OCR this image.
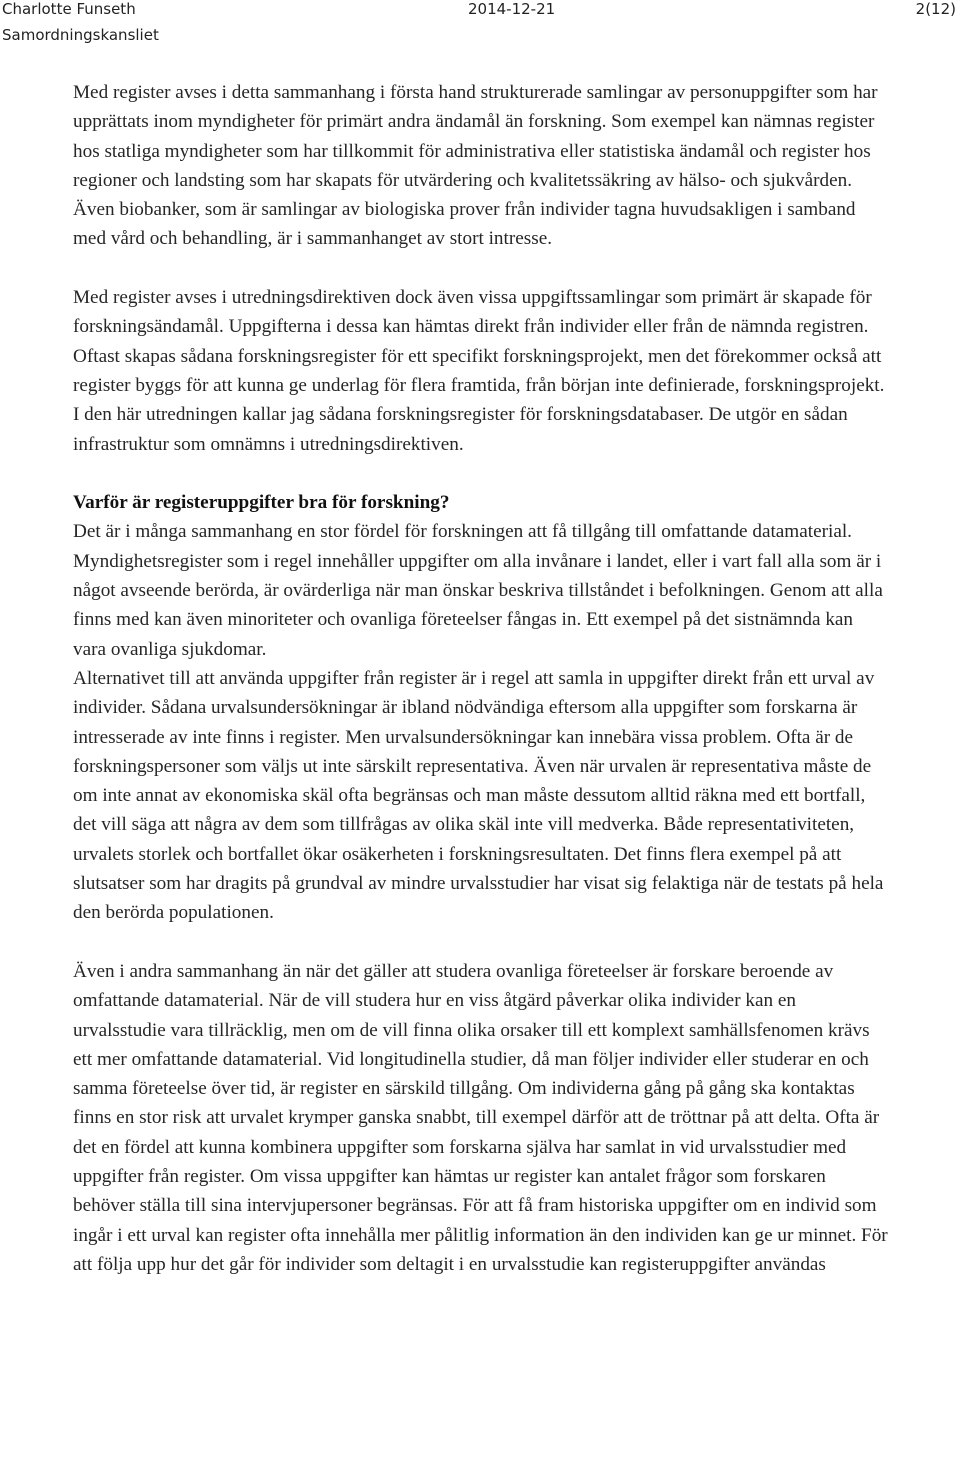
Charlotte Funseth	2014-12-21	2(12)
Samordningskansliet

Med register avses i detta sammanhang i första hand strukturerade samlingar av personuppgifter som har upprättats inom myndigheter för primärt andra ändamål än forskning. Som exempel kan nämnas register hos statliga myndigheter som har tillkommit för administrativa eller statistiska ändamål och register hos regioner och landsting som har skapats för utvärdering och kvalitetssäkring av hälso- och sjukvården. Även biobanker, som är samlingar av biologiska prover från individer tagna huvudsakligen i samband med vård och behandling, är i sammanhanget av stort intresse.

Med register avses i utredningsdirektiven dock även vissa uppgiftssamlingar som primärt är skapade för forskningsändamål. Uppgifterna i dessa kan hämtas direkt från individer eller från de nämnda registren. Oftast skapas sådana forskningsregister för ett specifikt forskningsprojekt, men det förekommer också att register byggs för att kunna ge underlag för flera framtida, från början inte definierade, forskningsprojekt. I den här utredningen kallar jag sådana forskningsregister för forskningsdatabaser. De utgör en sådan infrastruktur som omnämns i utredningsdirektiven.

Varför är registeruppgifter bra för forskning?

Det är i många sammanhang en stor fördel för forskningen att få tillgång till omfattande datamaterial. Myndighetsregister som i regel innehåller uppgifter om alla invånare i landet, eller i vart fall alla som är i något avseende berörda, är ovärderliga när man önskar beskriva tillståndet i befolkningen. Genom att alla finns med kan även minoriteter och ovanliga företeelser fångas in. Ett exempel på det sistnämnda kan vara ovanliga sjukdomar.

Alternativet till att använda uppgifter från register är i regel att samla in uppgifter direkt från ett urval av individer. Sådana urvalsundersökningar är ibland nödvändiga eftersom alla uppgifter som forskarna är intresserade av inte finns i register. Men urvalsundersökningar kan innebära vissa problem. Ofta är de forskningspersoner som väljs ut inte särskilt representativa. Även när urvalen är representativa måste de om inte annat av ekonomiska skäl ofta begränsas och man måste dessutom alltid räkna med ett bortfall, det vill säga att några av dem som tillfrågas av olika skäl inte vill medverka. Både representativiteten, urvalets storlek och bortfallet ökar osäkerheten i forskningsresultaten. Det finns flera exempel på att slutsatser som har dragits på grundval av mindre urvalsstudier har visat sig felaktiga när de testats på hela den berörda populationen.

Även i andra sammanhang än när det gäller att studera ovanliga företeelser är forskare beroende av omfattande datamaterial. När de vill studera hur en viss åtgärd påverkar olika individer kan en urvalsstudie vara tillräcklig, men om de vill finna olika orsaker till ett komplext samhällsfenomen krävs ett mer omfattande datamaterial. Vid longitudinella studier, då man följer individer eller studerar en och samma företeelse över tid, är register en särskild tillgång. Om individerna gång på gång ska kontaktas finns en stor risk att urvalet krymper ganska snabbt, till exempel därför att de tröttnar på att delta. Ofta är det en fördel att kunna kombinera uppgifter som forskarna själva har samlat in vid urvalsstudier med uppgifter från register. Om vissa uppgifter kan hämtas ur register kan antalet frågor som forskaren behöver ställa till sina intervjupersoner begränsas. För att få fram historiska uppgifter om en individ som ingår i ett urval kan register ofta innehålla mer pålitlig information än den individen kan ge ur minnet. För att följa upp hur det går för individer som deltagit i en urvalsstudie kan registeruppgifter användas
